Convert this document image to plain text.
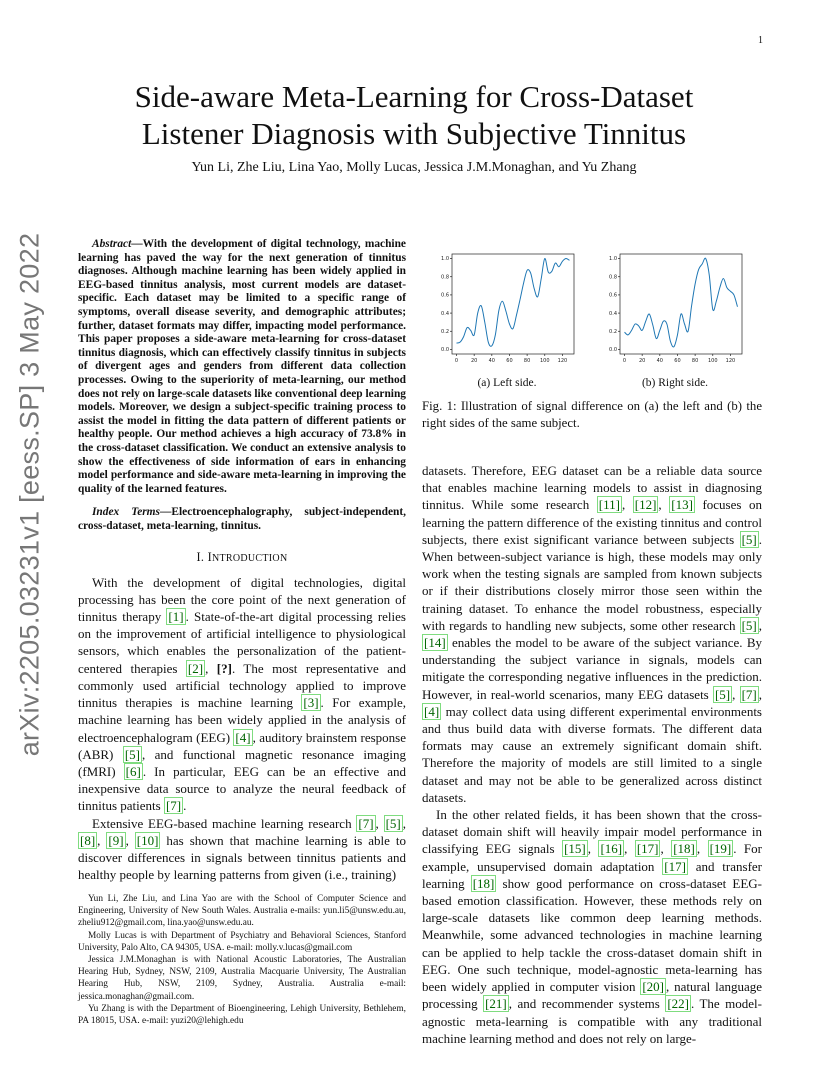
1
arXiv:2205.03231v1 [eess.SP] 3 May 2022
Side-aware Meta-Learning for Cross-Dataset
Listener Diagnosis with Subjective Tinnitus
Yun Li, Zhe Liu, Lina Yao, Molly Lucas, Jessica J.M.Monaghan, and Yu Zhang

Abstract—With the development of digital technology, machine learning has paved the way for the next generation of tinnitus diagnoses. Although machine learning has been widely applied in EEG-based tinnitus analysis, most current models are dataset-specific. Each dataset may be limited to a specific range of symptoms, overall disease severity, and demographic attributes; further, dataset formats may differ, impacting model performance. This paper proposes a side-aware meta-learning for cross-dataset tinnitus diagnosis, which can effectively classify tinnitus in subjects of divergent ages and genders from different data collection processes. Owing to the superiority of meta-learning, our method does not rely on large-scale datasets like conventional deep learning models. Moreover, we design a subject-specific training process to assist the model in fitting the data pattern of different patients or healthy people. Our method achieves a high accuracy of 73.8% in the cross-dataset classification. We conduct an extensive analysis to show the effectiveness of side information of ears in enhancing model performance and side-aware meta-learning in improving the quality of the learned features.

Index Terms—Electroencephalography, subject-independent, cross-dataset, meta-learning, tinnitus.

I. INTRODUCTION

With the development of digital technologies, digital processing has been the core point of the next generation of tinnitus therapy [1] . State-of-the-art digital processing relies on the improvement of artificial intelligence to physiological sensors, which enables the personalization of the patient-centered therapies [2] , [?]. The most representative and commonly used artificial technology applied to improve tinnitus therapies is machine learning [3] . For example, machine learning has been widely applied in the analysis of electroencephalogram (EEG) [4] , auditory brainstem response (ABR) [5] , and functional magnetic resonance imaging (fMRI) [6] . In particular, EEG can be an effective and inexpensive data source to analyze the neural feedback of tinnitus patients [7] .

Extensive EEG-based machine learning research [7] , [5] , [8] , [9] , [10] has shown that machine learning is able to discover differences in signals between tinnitus patients and healthy people by learning patterns from given (i.e., training)

Yun Li, Zhe Liu, and Lina Yao are with the School of Computer Science and Engineering, University of New South Wales. Australia e-mails: yun.li5@unsw.edu.au, zheliu912@gmail.com, lina.yao@unsw.edu.au.

Molly Lucas is with Department of Psychiatry and Behavioral Sciences, Stanford University, Palo Alto, CA 94305, USA. e-mail: molly.v.lucas@gmail.com

Jessica J.M.Monaghan is with National Acoustic Laboratories, The Australian Hearing Hub, Sydney, NSW, 2109, Australia Macquarie University, The Australian Hearing Hub, NSW, 2109, Sydney, Australia. Australia e-mail: jessica.monaghan@gmail.com.

Yu Zhang is with the Department of Bioengineering, Lehigh University, Bethlehem, PA 18015, USA. e-mail: yuzi20@lehigh.edu

0.0
0.2
0.4
0.6
0.8
1.0
0	20 40 60 80 100 120
0.0
0.2
0.4
0.6
0.8
1.0
0	20 40 60 80 100 120
(a) Left side.	(b) Right side.
Fig. 1: Illustration of signal difference on (a) the left and (b) the right sides of the same subject.

datasets. Therefore, EEG dataset can be a reliable data source that enables machine learning models to assist in diagnosing tinnitus. While some research [11] , [12] , [13] focuses on learning the pattern difference of the existing tinnitus and control subjects, there exist significant variance between subjects [5] . When between-subject variance is high, these models may only work when the testing signals are sampled from known subjects or if their distributions closely mirror those seen within the training dataset. To enhance the model robustness, especially with regards to handling new subjects, some other research [5] , [14] enables the model to be aware of the subject variance. By understanding the subject variance in signals, models can mitigate the corresponding negative influences in the prediction. However, in real-world scenarios, many EEG datasets [5] , [7] , [4] may collect data using different experimental environments and thus build data with diverse formats. The different data formats may cause an extremely significant domain shift. Therefore the majority of models are still limited to a single dataset and may not be able to be generalized across distinct datasets.

In the other related fields, it has been shown that the cross-dataset domain shift will heavily impair model performance in classifying EEG signals [15] , [16] , [17] , [18] , [19] . For example, unsupervised domain adaptation [17] and transfer learning [18] show good performance on cross-dataset EEG-based emotion classification. However, these methods rely on large-scale datasets like common deep learning methods. Meanwhile, some advanced technologies in machine learning can be applied to help tackle the cross-dataset domain shift in EEG. One such technique, model-agnostic meta-learning has been widely applied in computer vision [20] , natural language processing [21] , and recommender systems [22] . The model-agnostic meta-learning is compatible with any traditional machine learning method and does not rely on large-
